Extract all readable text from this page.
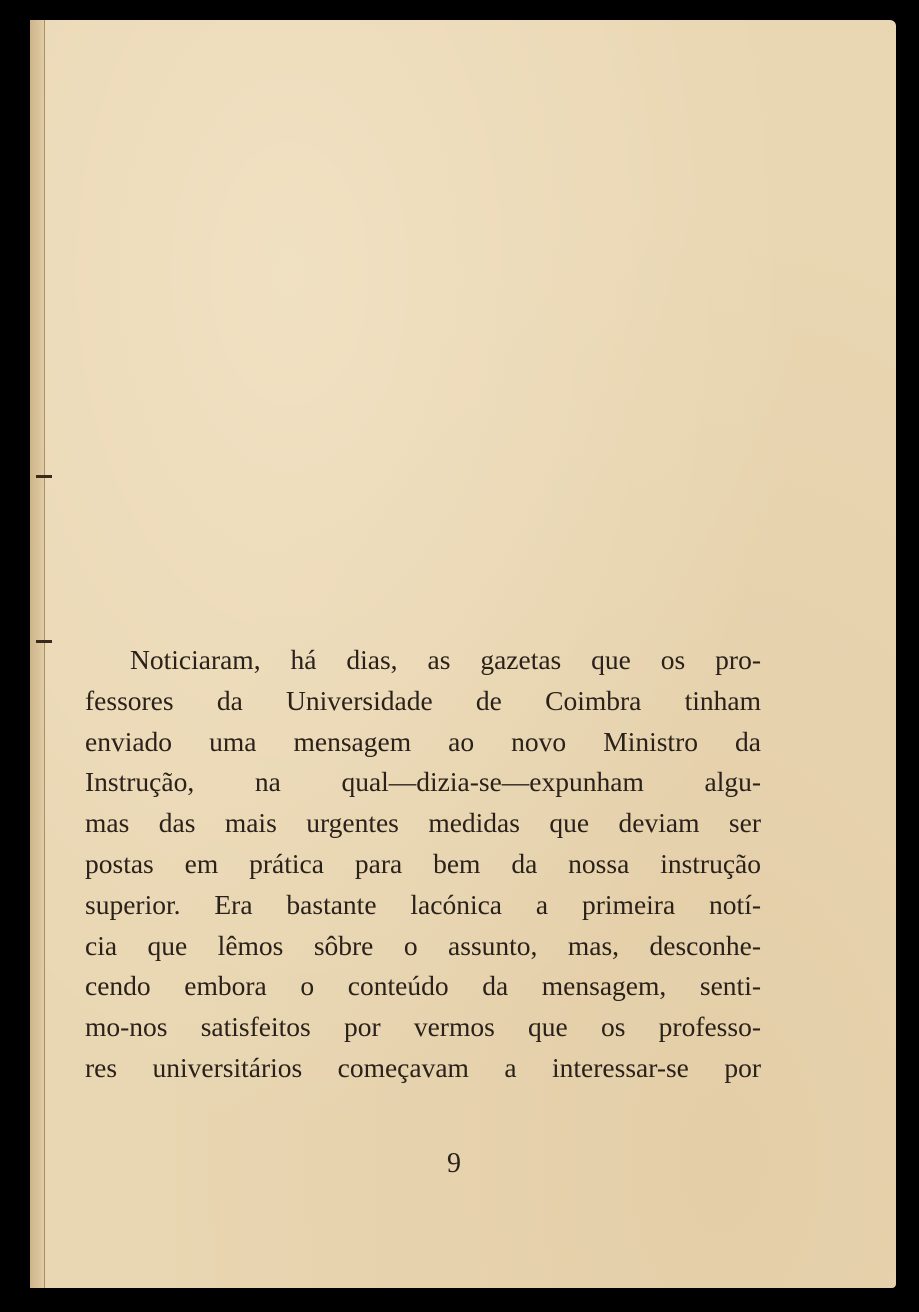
Noticiaram, há dias, as gazetas que os pro-
fessores da Universidade de Coimbra tinham
enviado uma mensagem ao novo Ministro da
Instrução, na qual—dizia-se—expunham algu-
mas das mais urgentes medidas que deviam ser
postas em prática para bem da nossa instrução
superior. Era bastante lacónica a primeira notí-
cia que lêmos sôbre o assunto, mas, desconhe-
cendo embora o conteúdo da mensagem, senti-
mo-nos satisfeitos por vermos que os professo-
res universitários começavam a interessar-se por
9
